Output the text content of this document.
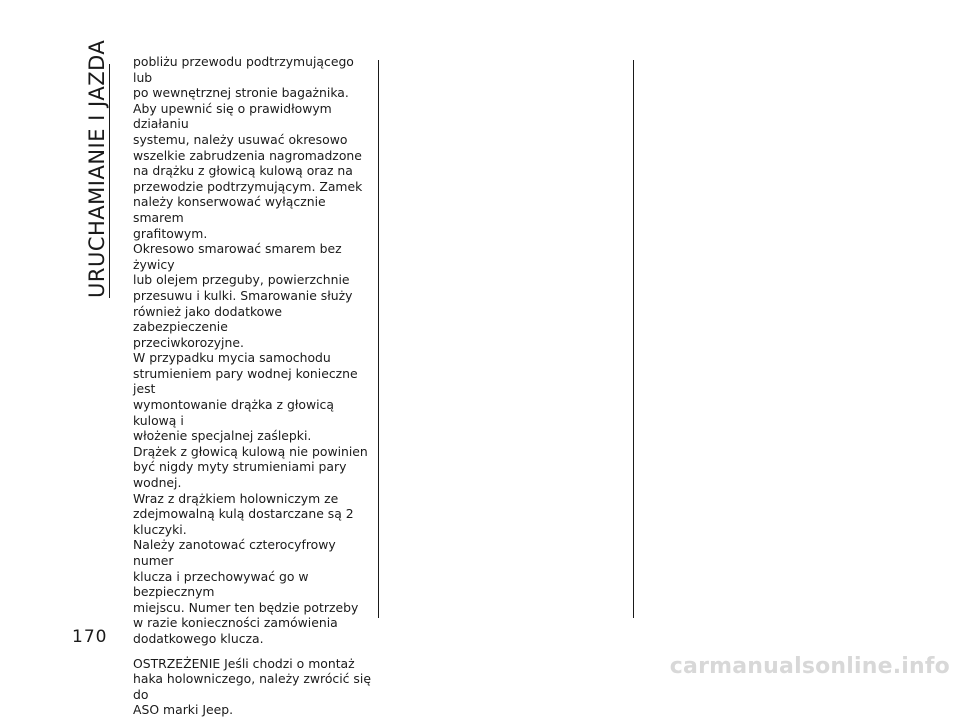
URUCHAMIANIE I JAZDA pobliżu przewodu podtrzymującego lub
po wewnętrznej stronie bagażnika.

Aby upewnić się o prawidłowym działaniu
systemu, należy usuwać okresowo
wszelkie zabrudzenia nagromadzone
na drążku z głowicą kulową oraz na
przewodzie podtrzymującym. Zamek
należy konserwować wyłącznie smarem
grafitowym.

Okresowo smarować smarem bez żywicy
lub olejem przeguby, powierzchnie
przesuwu i kulki. Smarowanie służy
również jako dodatkowe zabezpieczenie
przeciwkorozyjne.

W przypadku mycia samochodu
strumieniem pary wodnej konieczne jest
wymontowanie drążka z głowicą kulową i
włożenie specjalnej zaślepki.

Drążek z głowicą kulową nie powinien
być nigdy myty strumieniami pary
wodnej.

Wraz z drążkiem holowniczym ze
zdejmowalną kulą dostarczane są 2
kluczyki.

Należy zanotować czterocyfrowy numer
klucza i przechowywać go w bezpiecznym
miejscu. Numer ten będzie potrzeby
w razie konieczności zamówienia
dodatkowego klucza.

OSTRZEŻENIE Jeśli chodzi o montaż
haka holowniczego, należy zwrócić się do
ASO marki Jeep.

170
carmanualsonline.info
